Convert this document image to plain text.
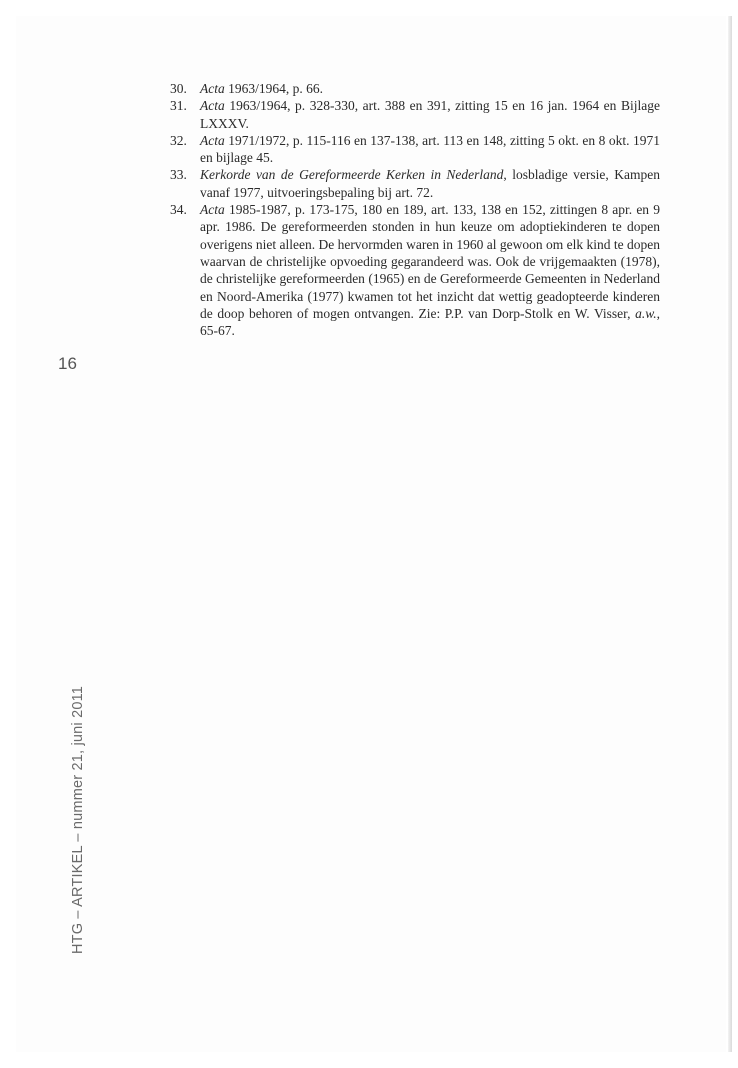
30. Acta 1963/1964, p. 66.

31. Acta 1963/1964, p. 328-330, art. 388 en 391, zitting 15 en 16 jan. 1964 en Bijlage LXXXV.

32. Acta 1971/1972, p. 115-116 en 137-138, art. 113 en 148, zitting 5 okt. en 8 okt. 1971 en bijlage 45.

33. Kerkorde van de Gereformeerde Kerken in Nederland, losbladige versie, Kampen vanaf 1977, uitvoeringsbepaling bij art. 72.

34. Acta 1985-1987, p. 173-175, 180 en 189, art. 133, 138 en 152, zittingen 8 apr. en 9 apr. 1986. De gereformeerden stonden in hun keuze om adoptiekinderen te dopen overigens niet alleen. De hervormden waren in 1960 al gewoon om elk kind te dopen waarvan de christelijke opvoeding gegarandeerd was. Ook de vrijgemaakten (1978), de christelijke gereformeerden (1965) en de Gereformeerde Gemeenten in Nederland en Noord-Amerika (1977) kwamen tot het inzicht dat wettig geadopteerde kinderen de doop behoren of mogen ontvangen. Zie: P.P. van Dorp-Stolk en W. Visser, a.w., 65-67.

16
HTG – ARTIKEL – nummer 21, juni 2011
